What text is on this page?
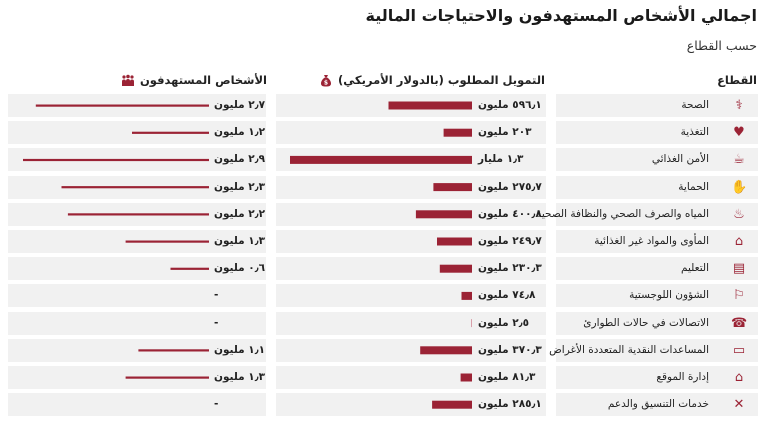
اجمالي الأشخاص المستهدفون والاحتياجات المالية
حسب القطاع
القطاع
$ التمويل المطلوب (بالدولار الأمريكي)
الأشخاص المستهدفون
⚕
الصحة
٥٩٦٫١ مليون
٢٫٧ مليون
♥
التغذية
٢٠٣ مليون
١٫٢ مليون
☕
الأمن الغذائي
١٫٣ مليار
٢٫٩ مليون
✋
الحماية
٢٧٥٫٧ مليون
٢٫٣ مليون
♨
المياه والصرف الصحي والنظافة الصحية
٤٠٠٫٨ مليون
٢٫٢ مليون
⌂
المأوى والمواد غير الغذائية
٢٤٩٫٧ مليون
١٫٣ مليون
▤
التعليم
٢٣٠٫٣ مليون
٠٫٦ مليون
⚐
الشؤون اللوجستية
٧٤٫٨ مليون
-
☎
الاتصالات في حالات الطوارئ
٢٫٥ مليون
-
▭
المساعدات النقدية المتعددة الأغراض
٣٧٠٫٣ مليون
١٫١ مليون
⌂
إدارة الموقع
٨١٫٣ مليون
١٫٣ مليون
✕
خدمات التنسيق والدعم
٢٨٥٫١ مليون
-
